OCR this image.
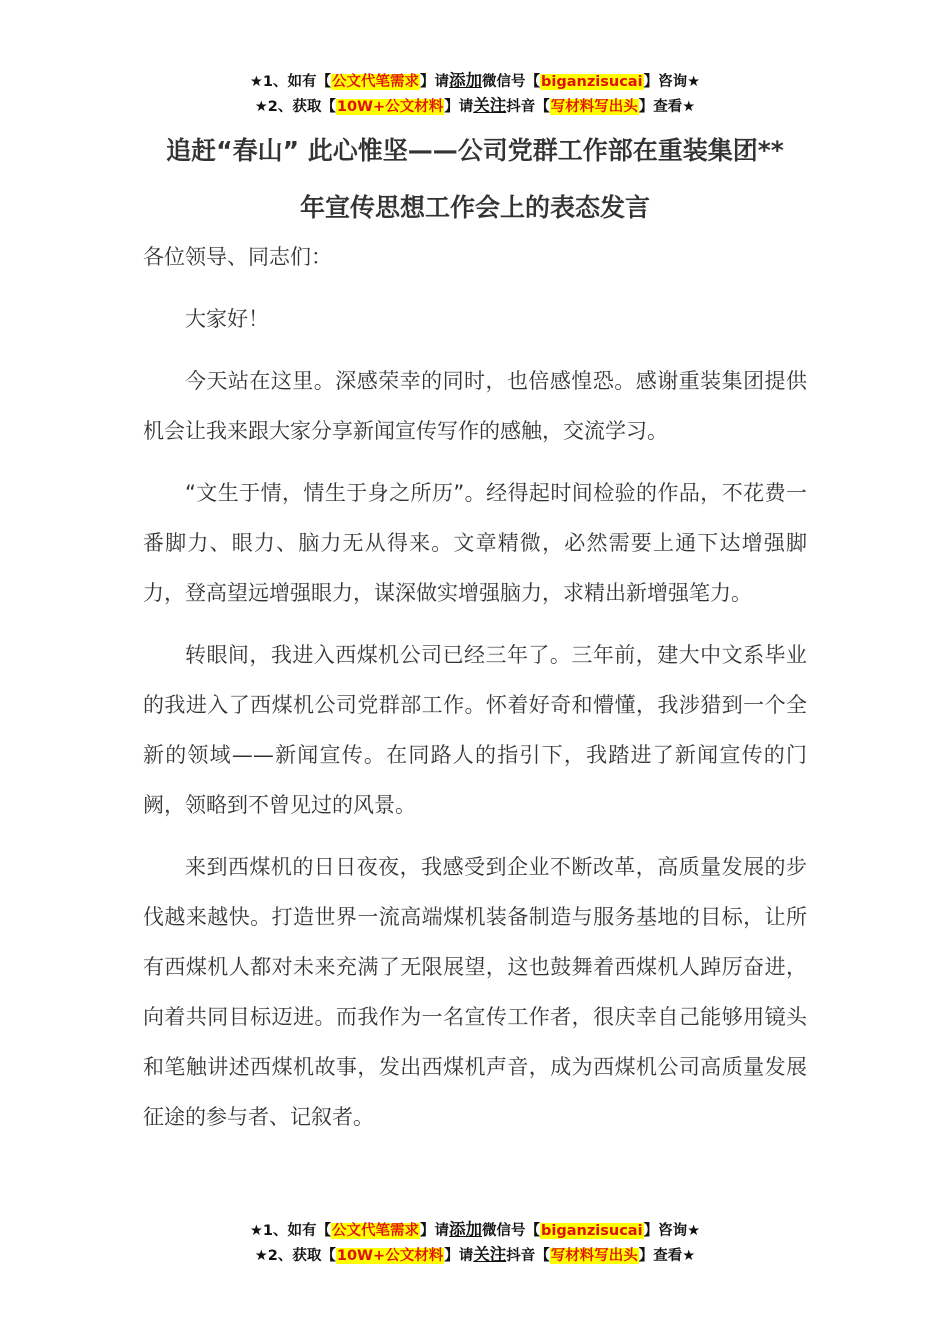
★1、如有【公文代笔需求】请添加微信号【biganzisucai】咨询★
★2、获取【10W+公文材料】请关注抖音【写材料写出头】查看★
追赶“春山” 此心惟坚——公司党群工作部在重装集团**
年宣传思想工作会上的表态发言

各位领导、同志们：

大家好！

今天站在这里。深感荣幸的同时，也倍感惶恐。感谢重装集团提供机会让我来跟大家分享新闻宣传写作的感触，交流学习。

“文生于情，情生于身之所历”。经得起时间检验的作品，不花费一番脚力、眼力、脑力无从得来。文章精微，必然需要上通下达增强脚力，登高望远增强眼力，谋深做实增强脑力，求精出新增强笔力。

转眼间，我进入西煤机公司已经三年了。三年前，建大中文系毕业的我进入了西煤机公司党群部工作。怀着好奇和懵懂，我涉猎到一个全新的领域——新闻宣传。在同路人的指引下，我踏进了新闻宣传的门阙，领略到不曾见过的风景。

来到西煤机的日日夜夜，我感受到企业不断改革，高质量发展的步伐越来越快。打造世界一流高端煤机装备制造与服务基地的目标，让所有西煤机人都对未来充满了无限展望，这也鼓舞着西煤机人踔厉奋进，向着共同目标迈进。而我作为一名宣传工作者，很庆幸自己能够用镜头和笔触讲述西煤机故事，发出西煤机声音，成为西煤机公司高质量发展征途的参与者、记叙者。

★1、如有【公文代笔需求】请添加微信号【biganzisucai】咨询★
★2、获取【10W+公文材料】请关注抖音【写材料写出头】查看★
